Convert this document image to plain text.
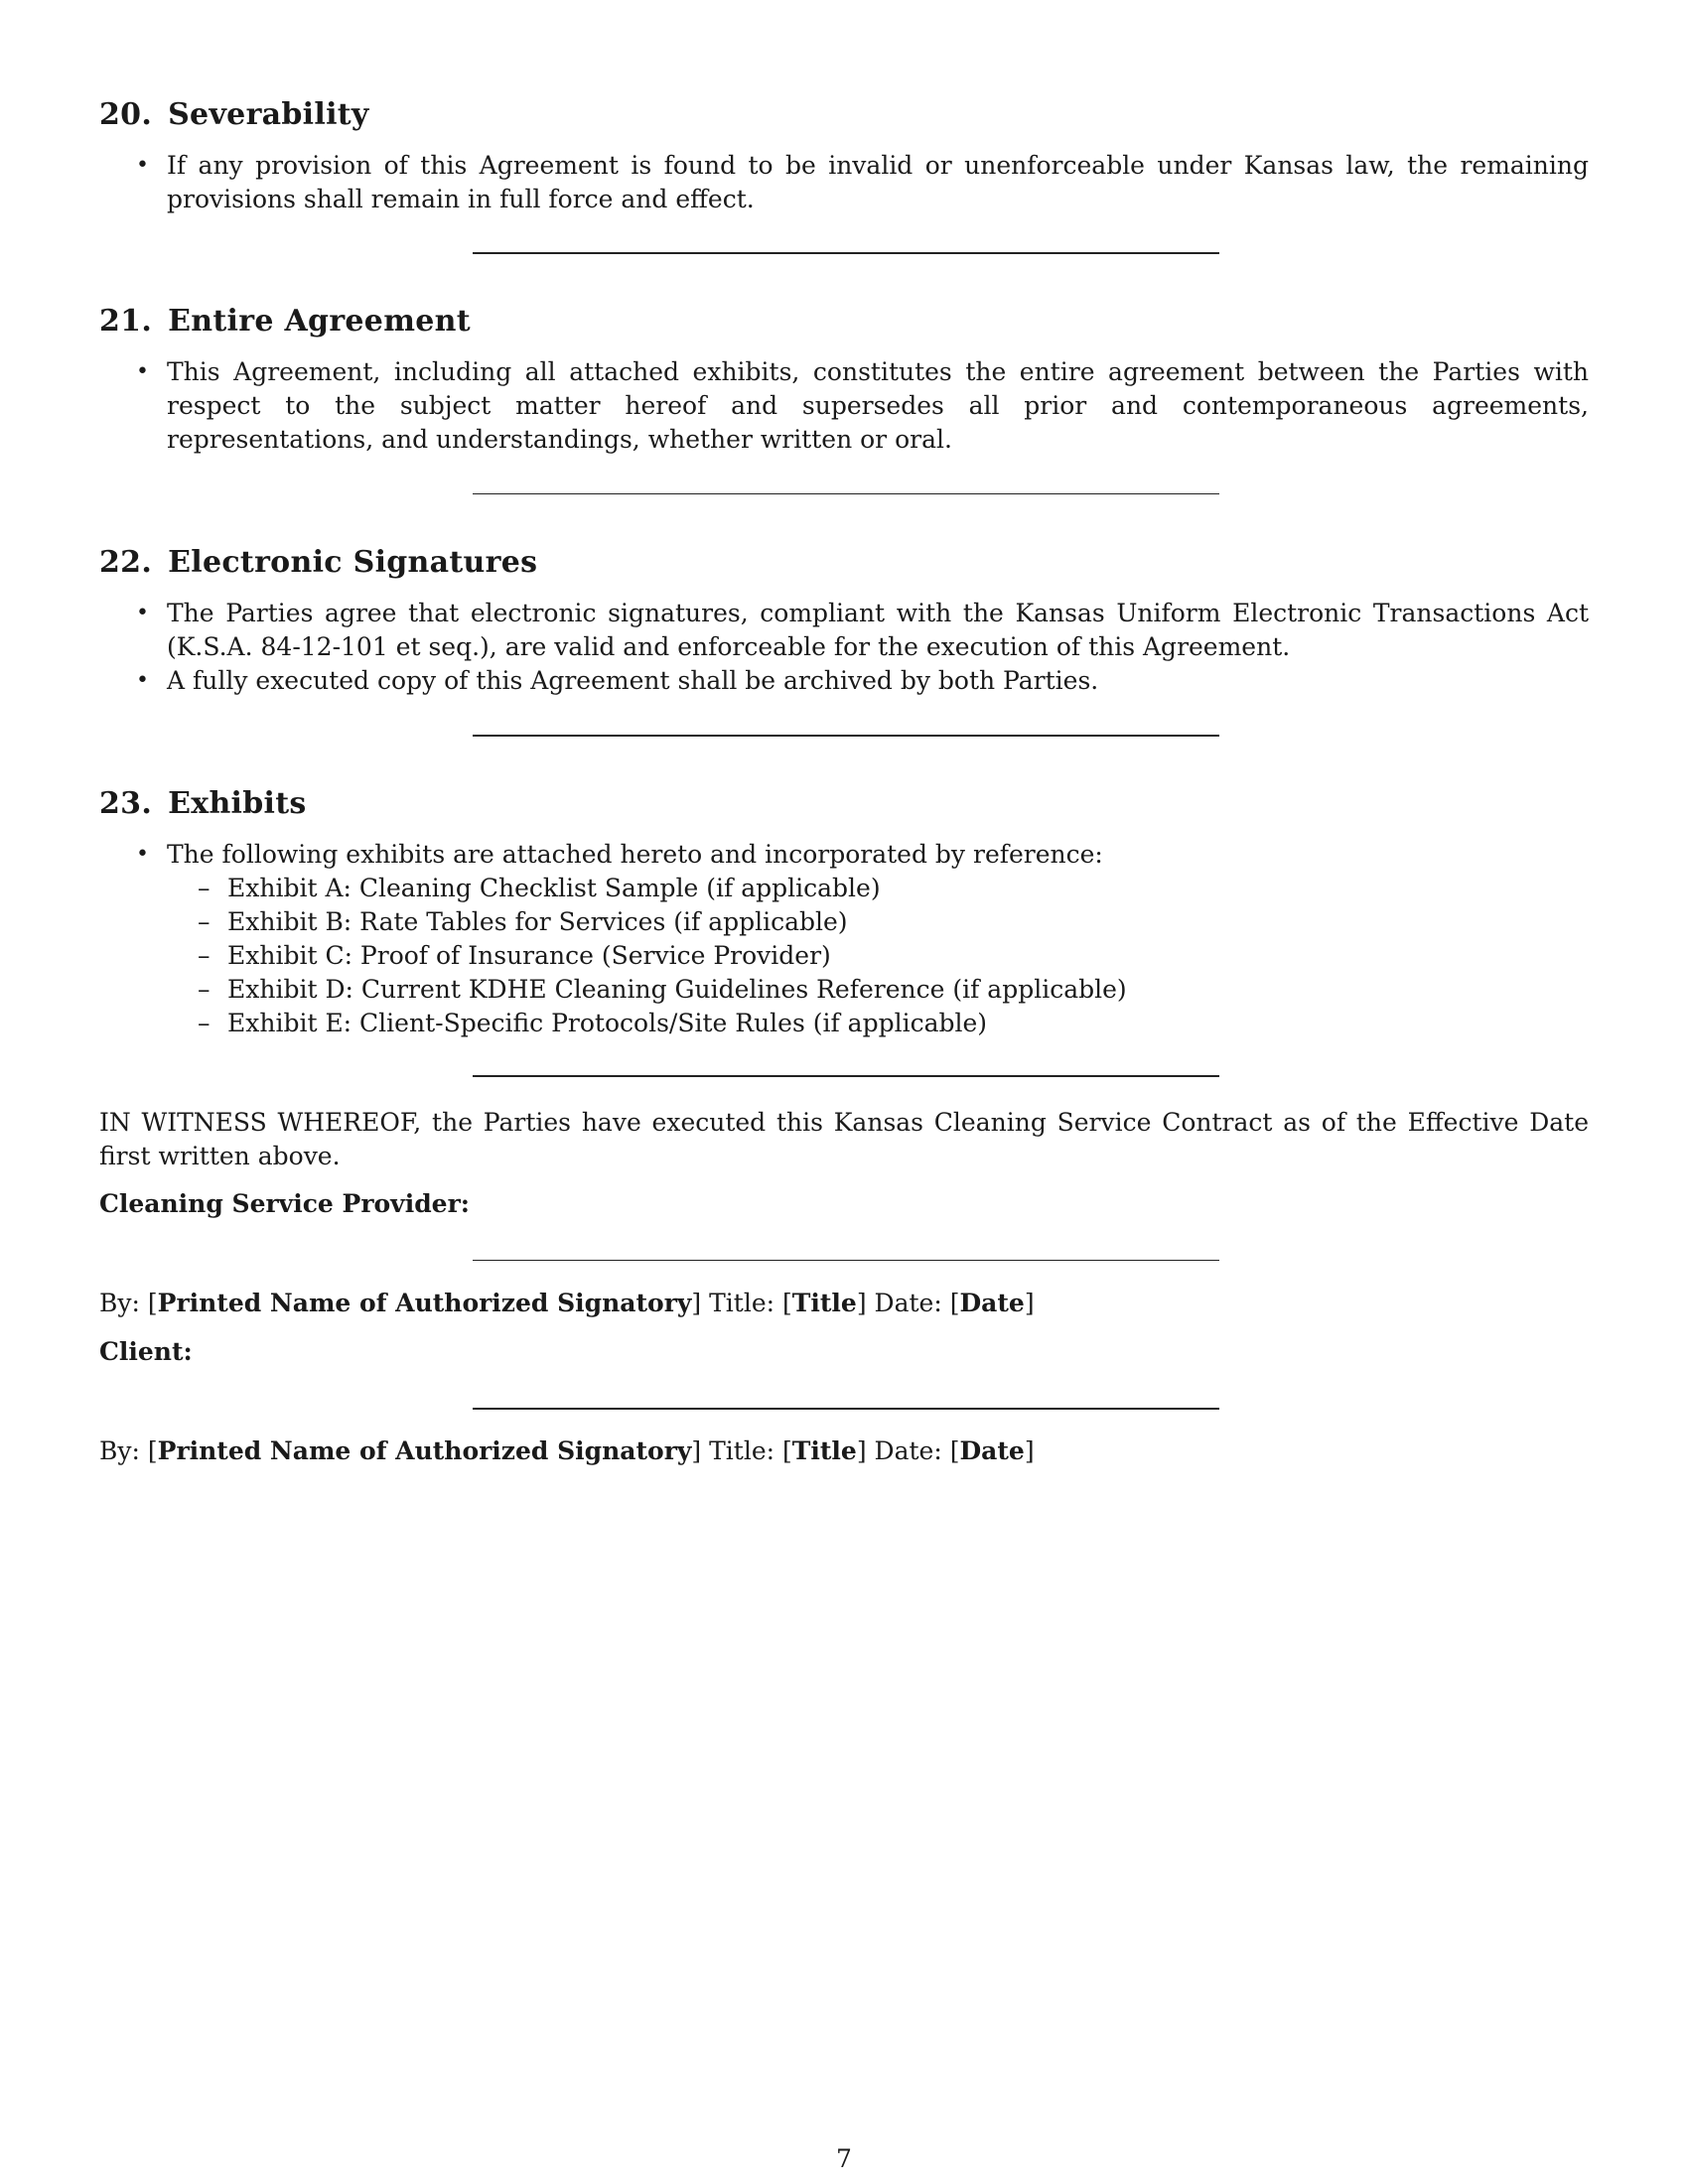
20. Severability
• If any provision of this Agreement is found to be invalid or unenforceable under Kansas law, the remaining provisions shall remain in full force and effect.
21. Entire Agreement
• This Agreement, including all attached exhibits, constitutes the entire agreement between the Parties with respect to the subject matter hereof and supersedes all prior and contemporaneous agreements, representations, and understandings, whether written or oral.
22. Electronic Signatures
• The Parties agree that electronic signatures, compliant with the Kansas Uniform Electronic Transactions Act (K.S.A. 84-12-101 et seq.), are valid and enforceable for the execution of this Agreement.
• A fully executed copy of this Agreement shall be archived by both Parties.
23. Exhibits
• The following exhibits are attached hereto and incorporated by reference:
– Exhibit A: Cleaning Checklist Sample (if applicable)
– Exhibit B: Rate Tables for Services (if applicable)
– Exhibit C: Proof of Insurance (Service Provider)
– Exhibit D: Current KDHE Cleaning Guidelines Reference (if applicable)
– Exhibit E: Client-Specific Protocols/Site Rules (if applicable)

IN WITNESS WHEREOF, the Parties have executed this Kansas Cleaning Service Contract as of the Effective Date first written above.

Cleaning Service Provider:
By: [Printed Name of Authorized Signatory] Title: [Title] Date: [Date]
Client:
By: [Printed Name of Authorized Signatory] Title: [Title] Date: [Date]
7
